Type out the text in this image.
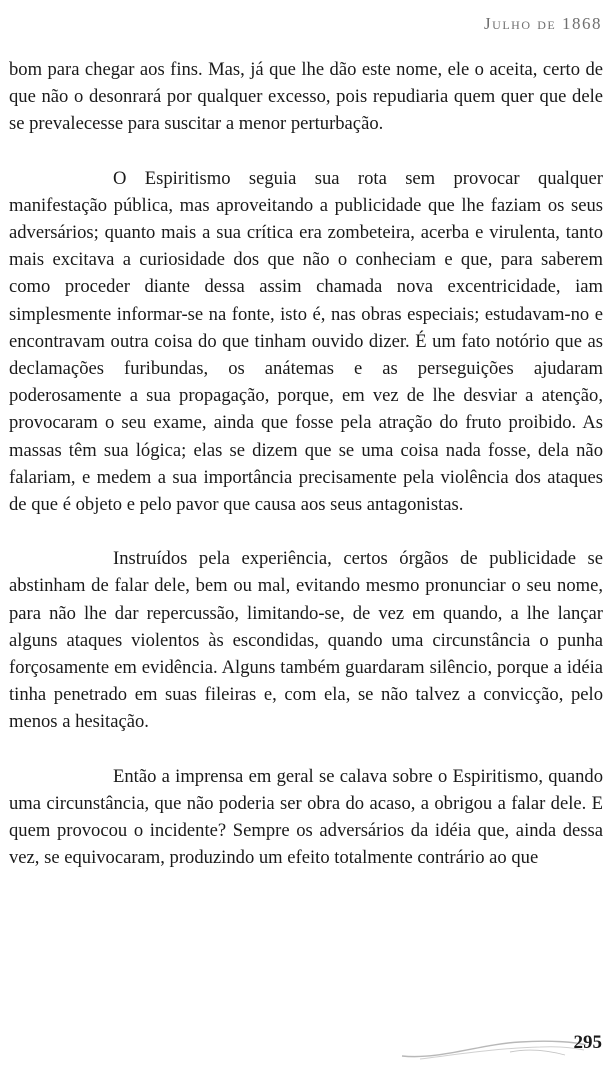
Julho de 1868

bom para chegar aos fins. Mas, já que lhe dão este nome, ele o aceita, certo de que não o desonrará por qualquer excesso, pois repudiaria quem quer que dele se prevalecesse para suscitar a menor perturbação.

O Espiritismo seguia sua rota sem provocar qualquer manifestação pública, mas aproveitando a publicidade que lhe faziam os seus adversários; quanto mais a sua crítica era zombeteira, acerba e virulenta, tanto mais excitava a curiosidade dos que não o conheciam e que, para saberem como proceder diante dessa assim chamada nova excentricidade, iam simplesmente informar-se na fonte, isto é, nas obras especiais; estudavam-no e encontravam outra coisa do que tinham ouvido dizer. É um fato notório que as declamações furibundas, os anátemas e as perseguições ajudaram poderosamente a sua propagação, porque, em vez de lhe desviar a atenção, provocaram o seu exame, ainda que fosse pela atração do fruto proibido. As massas têm sua lógica; elas se dizem que se uma coisa nada fosse, dela não falariam, e medem a sua importância precisamente pela violência dos ataques de que é objeto e pelo pavor que causa aos seus antagonistas.

Instruídos pela experiência, certos órgãos de publicidade se abstinham de falar dele, bem ou mal, evitando mesmo pronunciar o seu nome, para não lhe dar repercussão, limitando-se, de vez em quando, a lhe lançar alguns ataques violentos às escondidas, quando uma circunstância o punha forçosamente em evidência. Alguns também guardaram silêncio, porque a idéia tinha penetrado em suas fileiras e, com ela, se não talvez a convicção, pelo menos a hesitação.

Então a imprensa em geral se calava sobre o Espiritismo, quando uma circunstância, que não poderia ser obra do acaso, a obrigou a falar dele. E quem provocou o incidente? Sempre os adversários da idéia que, ainda dessa vez, se equivocaram, produzindo um efeito totalmente contrário ao que

295
